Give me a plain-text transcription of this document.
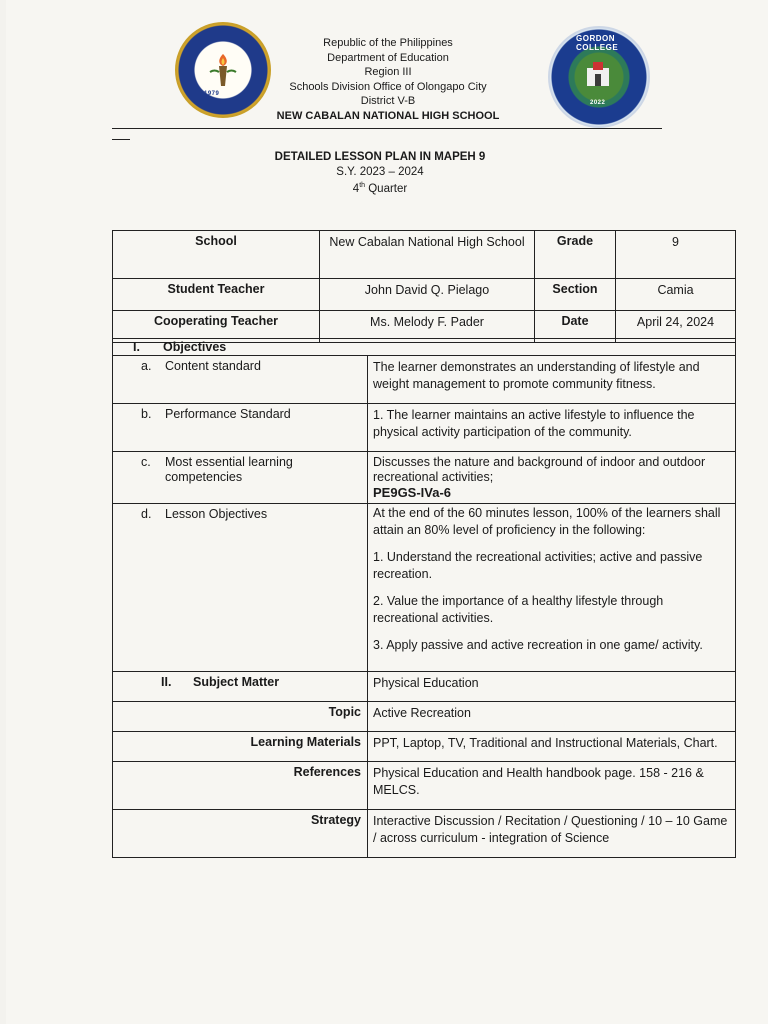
1979
GORDON COLLEGE
2022
Republic of the Philippines
Department of Education
Region III
Schools Division Office of Olongapo City
District V-B
NEW CABALAN NATIONAL HIGH SCHOOL
DETAILED LESSON PLAN IN MAPEH 9
S.Y. 2023 – 2024
4th Quarter
School	New Cabalan National High School	Grade	9
Student Teacher	John David Q. Pielago	Section	Camia
Cooperating Teacher	Ms. Melody F. Pader	Date	April 24, 2024
I. Objectives	
a. Content standard	The learner demonstrates an understanding of lifestyle and weight management to promote community fitness.
b. Performance Standard	1. The learner maintains an active lifestyle to influence the physical activity participation of the community.
c. Most essential learning competencies	Discusses the nature and background of indoor and outdoor recreational activities;
PE9GS-IVa-6

d. Lesson Objectives	At the end of the 60 minutes lesson, 100% of the learners shall attain an 80% level of proficiency in the following:

1. Understand the recreational activities; active and passive recreation.

2. Value the importance of a healthy lifestyle through recreational activities.

3. Apply passive and active recreation in one game/ activity.

II. Subject Matter	Physical Education
Topic	Active Recreation
Learning Materials	PPT, Laptop, TV, Traditional and Instructional Materials, Chart.
References	Physical Education and Health handbook page. 158 - 216 & MELCS.
Strategy	Interactive Discussion / Recitation / Questioning / 10 – 10 Game / across curriculum - integration of Science
